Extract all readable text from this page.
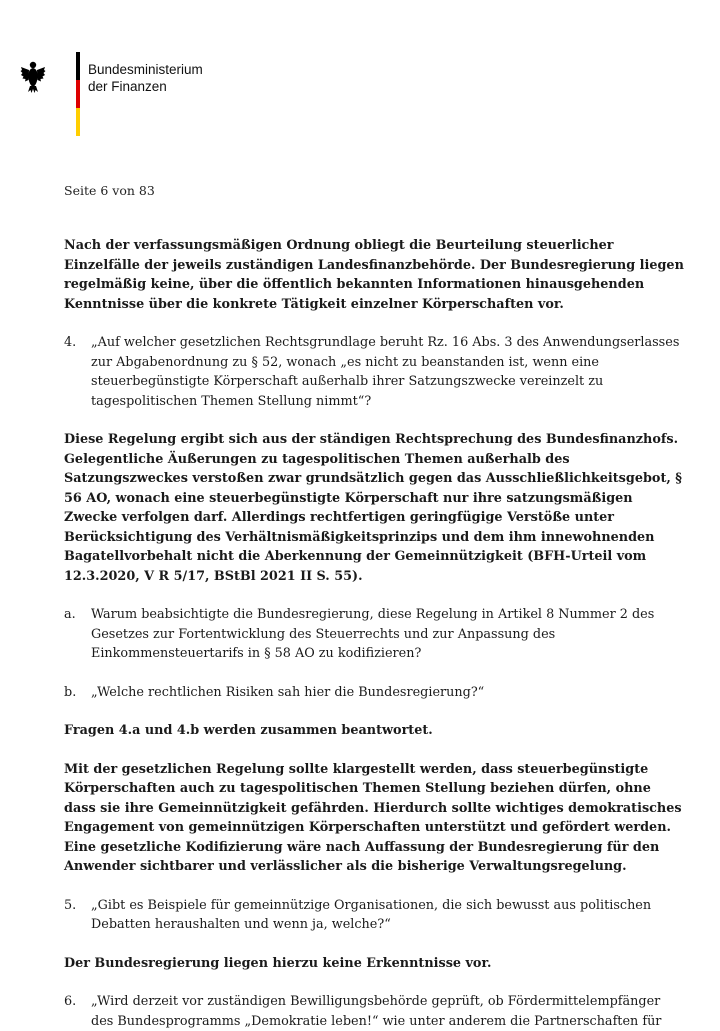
Bundesministerium
der Finanzen
Seite 6 von 83

Nach der verfassungsmäßigen Ordnung obliegt die Beurteilung steuerlicher Einzelfälle der jeweils zuständigen Landesfinanzbehörde. Der Bundesregierung liegen regelmäßig keine, über die öffentlich bekannten Informationen hinausgehenden Kenntnisse über die konkrete Tätigkeit einzelner Körperschaften vor.

4. „Auf welcher gesetzlichen Rechtsgrundlage beruht Rz. 16 Abs. 3 des Anwendungserlasses zur Abgabenordnung zu § 52, wonach „es nicht zu beanstanden ist, wenn eine steuerbegünstigte Körperschaft außerhalb ihrer Satzungszwecke vereinzelt zu tagespolitischen Themen Stellung nimmt“?

Diese Regelung ergibt sich aus der ständigen Rechtsprechung des Bundesfinanzhofs. Gelegentliche Äußerungen zu tagespolitischen Themen außerhalb des Satzungszweckes verstoßen zwar grundsätzlich gegen das Ausschließlichkeitsgebot, § 56 AO, wonach eine steuerbegünstigte Körperschaft nur ihre satzungsmäßigen Zwecke verfolgen darf. Allerdings rechtfertigen geringfügige Verstöße unter Berücksichtigung des Verhältnismäßigkeitsprinzips und dem ihm innewohnenden Bagatellvorbehalt nicht die Aberkennung der Gemeinnützigkeit (BFH-Urteil vom 12.3.2020, V R 5/17, BStBl 2021 II S. 55).

a. Warum beabsichtigte die Bundesregierung, diese Regelung in Artikel 8 Nummer 2 des Gesetzes zur Fortentwicklung des Steuerrechts und zur Anpassung des Einkommensteuertarifs in § 58 AO zu kodifizieren?

b. „Welche rechtlichen Risiken sah hier die Bundesregierung?“

Fragen 4.a und 4.b werden zusammen beantwortet.

Mit der gesetzlichen Regelung sollte klargestellt werden, dass steuerbegünstigte Körperschaften auch zu tagespolitischen Themen Stellung beziehen dürfen, ohne dass sie ihre Gemeinnützigkeit gefährden. Hierdurch sollte wichtiges demokratisches Engagement von gemeinnützigen Körperschaften unterstützt und gefördert werden. Eine gesetzliche Kodifizierung wäre nach Auffassung der Bundesregierung für den Anwender sichtbarer und verlässlicher als die bisherige Verwaltungsregelung.

5. „Gibt es Beispiele für gemeinnützige Organisationen, die sich bewusst aus politischen Debatten heraushalten und wenn ja, welche?“

Der Bundesregierung liegen hierzu keine Erkenntnisse vor.

6. „Wird derzeit vor zuständigen Bewilligungsbehörde geprüft, ob Fördermittelempfänger des Bundesprogramms „Demokratie leben!“ wie unter anderem die Partnerschaften für
